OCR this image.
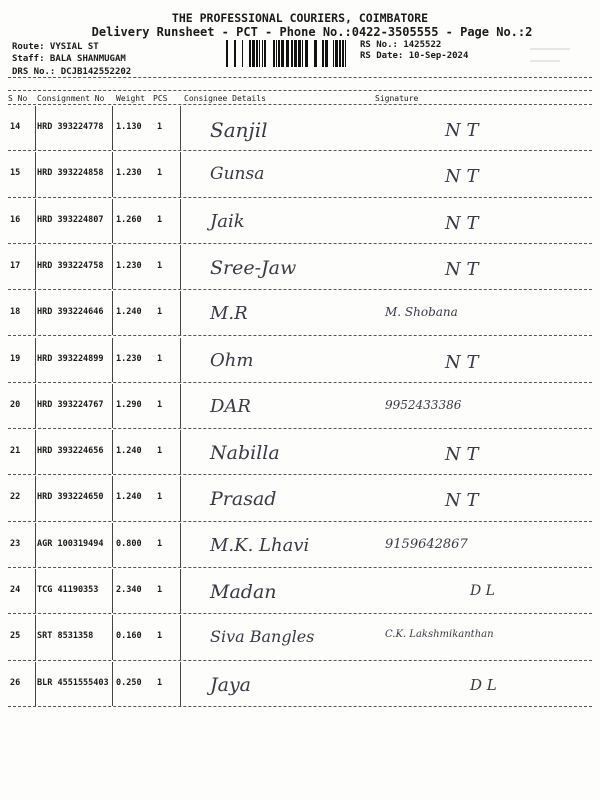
THE PROFESSIONAL COURIERS, COIMBATORE
Delivery Runsheet - PCT - Phone No.:0422-3505555 - Page No.:2
Route: VYSIAL ST
Staff: BALA SHANMUGAM
DRS No.: DCJB142552202
RS No.: 1425522
RS Date: 10-Sep-2024
S No Consignment No Weight PCS Consignee Details	Signature
14 HRD 393224778 1.130 1 Sanjil	N T
15 HRD 393224858 1.230 1	Gunsa	N T
16 HRD 393224807 1.260 1	Jaik	N T
17 HRD 393224758 1.230 1	Sree-Jaw	N T
18 HRD 393224646 1.240 1	M.R	M. Shobana
19 HRD 393224899 1.230 1	Ohm	N T
20 HRD 393224767 1.290 1	DAR	9952433386
21 HRD 393224656 1.240 1	Nabilla	N T
22 HRD 393224650 1.240 1	Prasad	N T
23 AGR 100319494 0.800 1	M.K. Lhavi	9159642867
24 TCG 41190353 2.340 1	Madan	D L
25 SRT 8531358	0.160 1	Siva Bangles	C.K. Lakshmikanthan
26 BLR 4551555403 0.250 1	Jaya	D L
